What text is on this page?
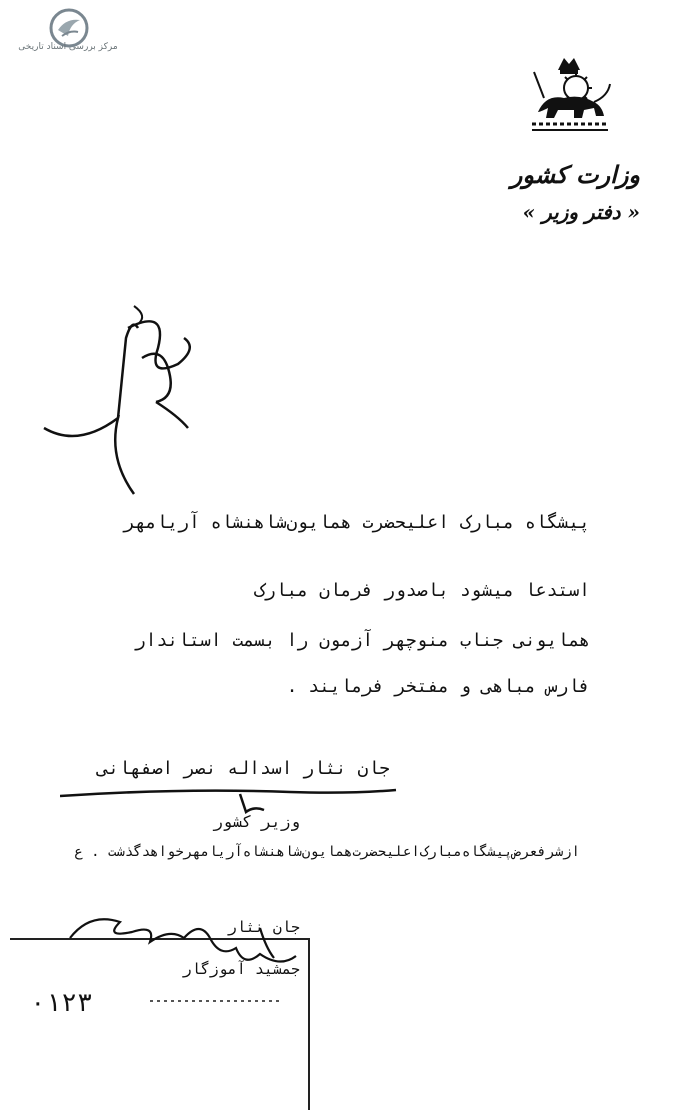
مرکز بررسی اسناد تاریخی
وزارت کشور
« دفتر وزیر »
پیشگاه مبارک اعلیحضرت همایون‌شاهنشاه آریامهر
استدعا میشود باصدور فرمان مبارک
همایونی جناب منوچهر آزمون را بسمت استاندار
فارس مباهی و مفتخر فرمایند .
جان نثار اسداله نصر اصفهانی
وزیر کشور
ازشرفعرض‌پیشگاه‌مبارک‌اعلیحضرت‌همایون‌شاهنشاه‌آریامهرخواهدگذشت . ع
۰۱۲۳
جان نثار
جمشید آموزگار
